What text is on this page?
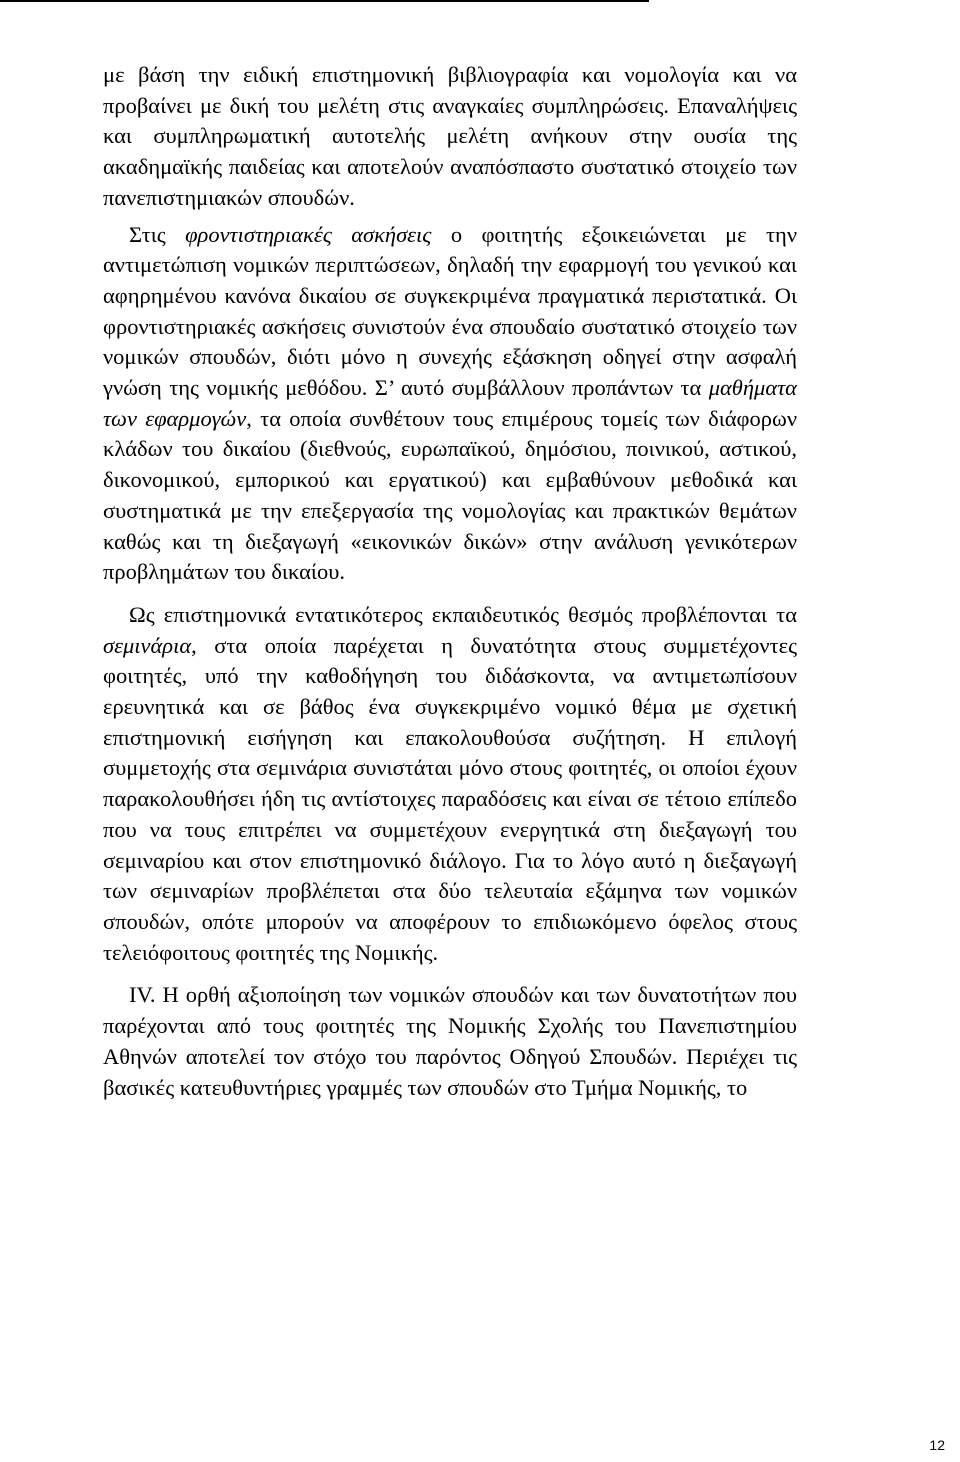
με βάση την ειδική επιστημονική βιβλιογραφία και νομολογία και να προβαίνει με δική του μελέτη στις αναγκαίες συμπληρώσεις. Επαναλήψεις και συμπληρωματική αυτοτελής μελέτη ανήκουν στην ουσία της ακαδημαϊκής παιδείας και αποτελούν αναπόσπαστο συστατικό στοιχείο των πανεπιστημιακών σπουδών.

Στις φροντιστηριακές ασκήσεις ο φοιτητής εξοικειώνεται με την αντιμετώπιση νομικών περιπτώσεων, δηλαδή την εφαρμογή του γενικού και αφηρημένου κανόνα δικαίου σε συγκεκριμένα πραγματικά περιστατικά. Οι φροντιστηριακές ασκήσεις συνιστούν ένα σπουδαίο συστατικό στοιχείο των νομικών σπουδών, διότι μόνο η συνεχής εξάσκηση οδηγεί στην ασφαλή γνώση της νομικής μεθόδου. Σ’ αυτό συμβάλλουν προπάντων τα μαθήματα των εφαρμογών, τα οποία συνθέτουν τους επιμέρους τομείς των διάφορων κλάδων του δικαίου (διεθνούς, ευρωπαϊκού, δημόσιου, ποινικού, αστικού, δικονομικού, εμπορικού και εργατικού) και εμβαθύνουν μεθοδικά και συστηματικά με την επεξεργασία της νομολογίας και πρακτικών θεμάτων καθώς και τη διεξαγωγή «εικονικών δικών» στην ανάλυση γενικότερων προβλημάτων του δικαίου.

Ως επιστημονικά εντατικότερος εκπαιδευτικός θεσμός προβλέπονται τα σεμινάρια, στα οποία παρέχεται η δυνατότητα στους συμμετέχοντες φοιτητές, υπό την καθοδήγηση του διδάσκοντα, να αντιμετωπίσουν ερευνητικά και σε βάθος ένα συγκεκριμένο νομικό θέμα με σχετική επιστημονική εισήγηση και επακολουθούσα συζήτηση. Η επιλογή συμμετοχής στα σεμινάρια συνιστάται μόνο στους φοιτητές, οι οποίοι έχουν παρακολουθήσει ήδη τις αντίστοιχες παραδόσεις και είναι σε τέτοιο επίπεδο που να τους επιτρέπει να συμμετέχουν ενεργητικά στη διεξαγωγή του σεμιναρίου και στον επιστημονικό διάλογο. Για το λόγο αυτό η διεξαγωγή των σεμιναρίων προβλέπεται στα δύο τελευταία εξάμηνα των νομικών σπουδών, οπότε μπορούν να αποφέρουν το επιδιωκόμενο όφελος στους τελειόφοιτους φοιτητές της Νομικής.

IV. Η ορθή αξιοποίηση των νομικών σπουδών και των δυνατοτήτων που παρέχονται από τους φοιτητές της Νομικής Σχολής του Πανεπιστημίου Αθηνών αποτελεί τον στόχο του παρόντος Οδηγού Σπουδών. Περιέχει τις βασικές κατευθυντήριες γραμμές των σπουδών στο Τμήμα Νομικής, το

12
